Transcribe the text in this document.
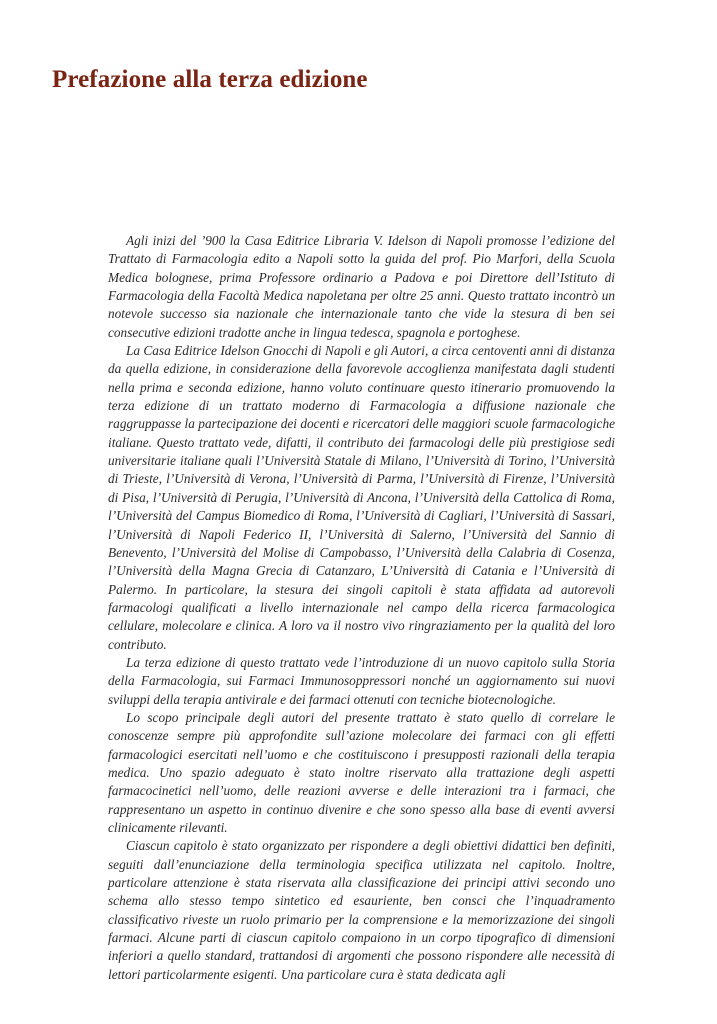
Prefazione alla terza edizione

Agli inizi del ’900 la Casa Editrice Libraria V. Idelson di Napoli promosse l’edizione del Trattato di Farmacologia edito a Napoli sotto la guida del prof. Pio Marfori, della Scuola Medica bolognese, prima Professore ordinario a Padova e poi Direttore dell’Istituto di Farmacologia della Facoltà Medica napoletana per oltre 25 anni. Questo trattato incontrò un notevole successo sia nazionale che internazionale tanto che vide la stesura di ben sei consecutive edizioni tradotte anche in lingua tedesca, spagnola e portoghese.

La Casa Editrice Idelson Gnocchi di Napoli e gli Autori, a circa centoventi anni di distanza da quella edizione, in considerazione della favorevole accoglienza manifestata dagli studenti nella prima e seconda edizione, hanno voluto continuare questo itinerario promuovendo la terza edizione di un trattato moderno di Farmacologia a diffusione nazionale che raggruppasse la partecipazione dei docenti e ricercatori delle maggiori scuole farmacologiche italiane. Questo trattato vede, difatti, il contributo dei farmacologi delle più prestigiose sedi universitarie italiane quali l’Università Statale di Milano, l’Università di Torino, l’Università di Trieste, l’Università di Verona, l’Università di Parma, l’Università di Firenze, l’Università di Pisa, l’Università di Perugia, l’Università di Ancona, l’Università della Cattolica di Roma, l’Università del Campus Biomedico di Roma, l’Università di Cagliari, l’Università di Sassari, l’Università di Napoli Federico II, l’Università di Salerno, l’Università del Sannio di Benevento, l’Università del Molise di Campobasso, l’Università della Calabria di Cosenza, l’Università della Magna Grecia di Catanzaro, L’Università di Catania e l’Università di Palermo. In particolare, la stesura dei singoli capitoli è stata affidata ad autorevoli farmacologi qualificati a livello internazionale nel campo della ricerca farmacologica cellulare, molecolare e clinica. A loro va il nostro vivo ringraziamento per la qualità del loro contributo.

La terza edizione di questo trattato vede l’introduzione di un nuovo capitolo sulla Storia della Farmacologia, sui Farmaci Immunosoppressori nonché un aggiornamento sui nuovi sviluppi della terapia antivirale e dei farmaci ottenuti con tecniche biotecnologiche.

Lo scopo principale degli autori del presente trattato è stato quello di correlare le conoscenze sempre più approfondite sull’azione molecolare dei farmaci con gli effetti farmacologici esercitati nell’uomo e che costituiscono i presupposti razionali della terapia medica. Uno spazio adeguato è stato inoltre riservato alla trattazione degli aspetti farmacocinetici nell’uomo, delle reazioni avverse e delle interazioni tra i farmaci, che rappresentano un aspetto in continuo divenire e che sono spesso alla base di eventi avversi clinicamente rilevanti.

Ciascun capitolo è stato organizzato per rispondere a degli obiettivi didattici ben definiti, seguiti dall’enunciazione della terminologia specifica utilizzata nel capitolo. Inoltre, particolare attenzione è stata riservata alla classificazione dei principi attivi secondo uno schema allo stesso tempo sintetico ed esauriente, ben consci che l’inquadramento classificativo riveste un ruolo primario per la comprensione e la memorizzazione dei singoli farmaci. Alcune parti di ciascun capitolo compaiono in un corpo tipografico di dimensioni inferiori a quello standard, trattandosi di argomenti che possono rispondere alle necessità di lettori particolarmente esigenti. Una particolare cura è stata dedicata agli
